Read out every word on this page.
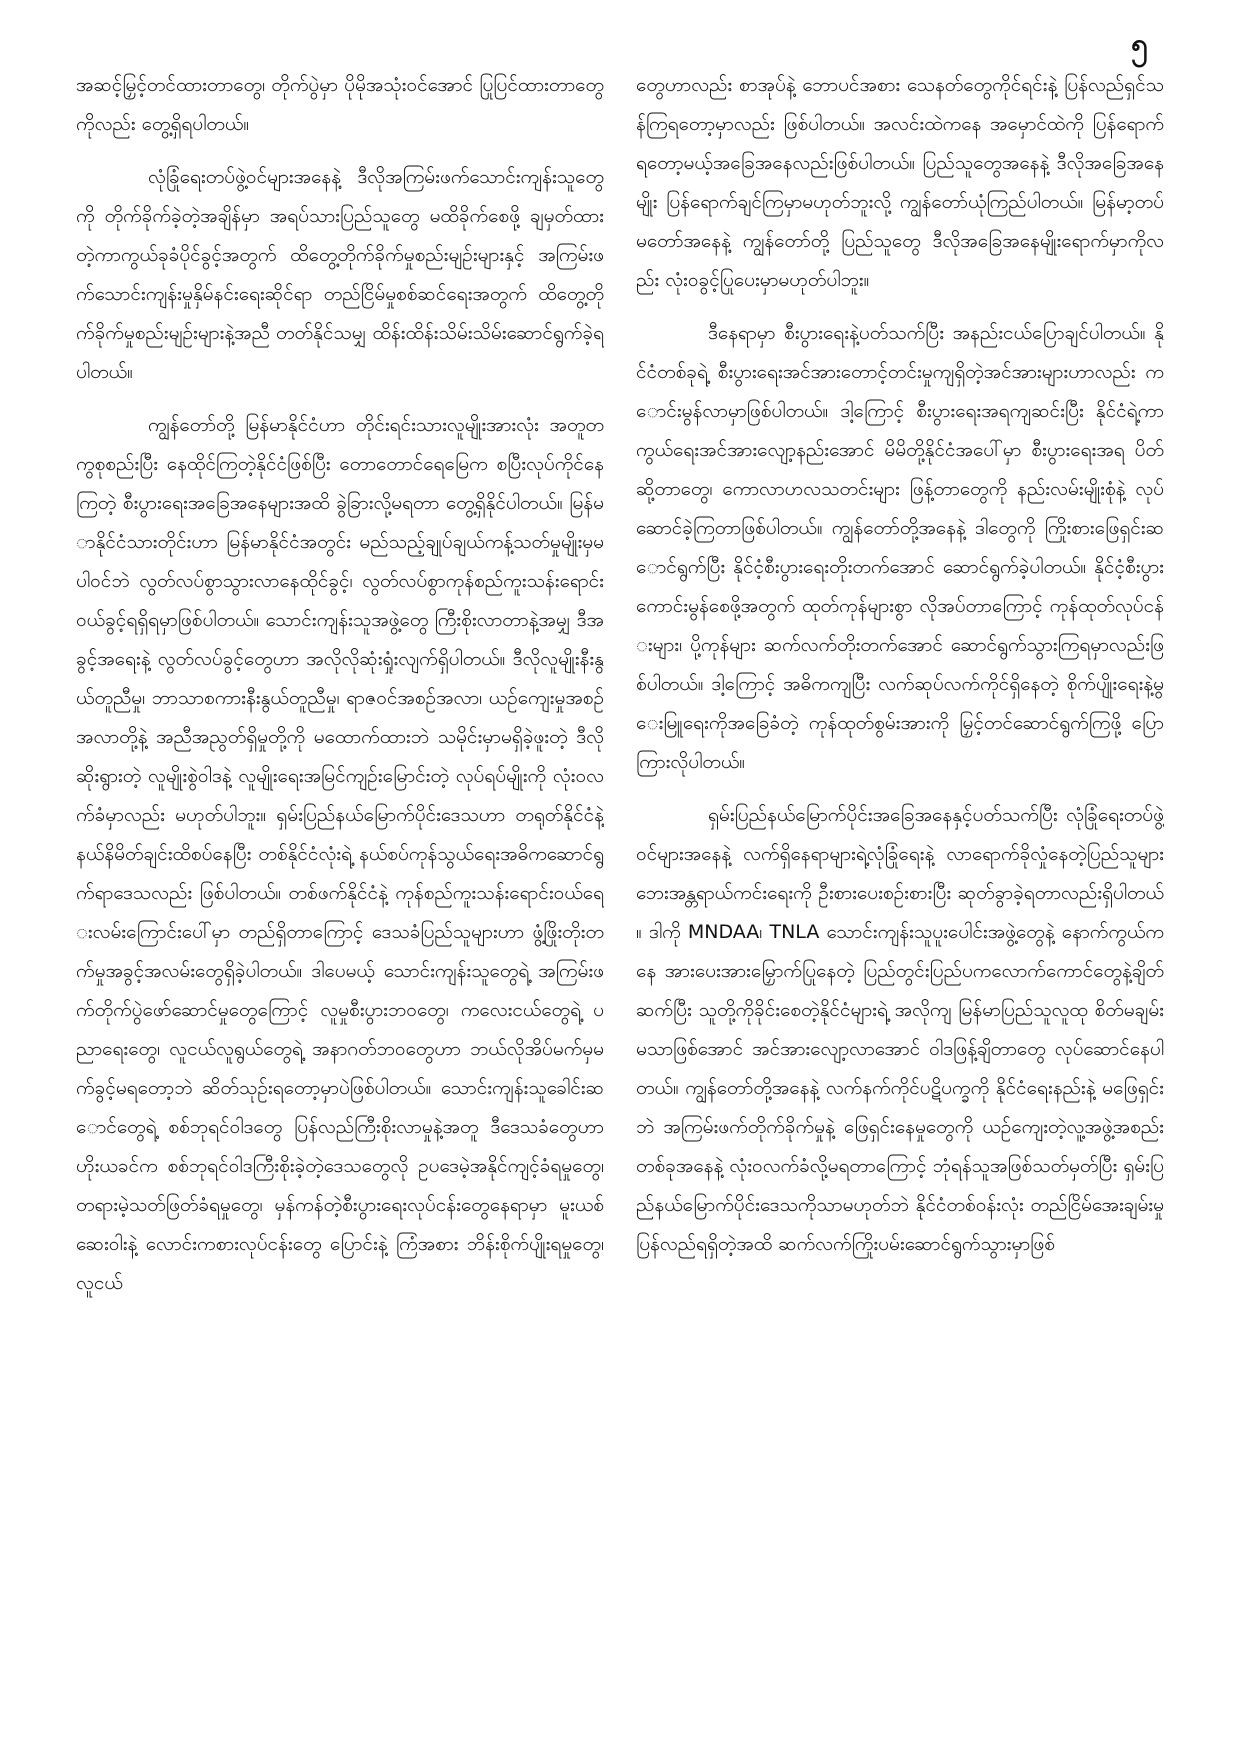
၅

အဆင့်မြှင့်တင်ထားတာတွေ၊ တိုက်ပွဲမှာ ပိုမိုအသုံးဝင်အောင် ပြုပြင်ထားတာတွေကိုလည်း တွေ့ရှိရပါတယ်။

လုံခြုံရေးတပ်ဖွဲ့ဝင်များအနေနဲ့ ဒီလိုအကြမ်းဖက်သောင်းကျန်းသူတွေကို တိုက်ခိုက်ခဲ့တဲ့အချိန်မှာ အရပ်သားပြည်သူတွေ မထိခိုက်စေဖို့ ချမှတ်ထားတဲ့ကာကွယ်ခုခံပိုင်ခွင့်အတွက် ထိတွေ့တိုက်ခိုက်မှုစည်းမျဉ်းများနှင့် အကြမ်းဖက်သောင်းကျန်းမှုနှိမ်နင်းရေးဆိုင်ရာ တည်ငြိမ်မှုစစ်ဆင်ရေးအတွက် ထိတွေ့တိုက်ခိုက်မှုစည်းမျဉ်းများနဲ့အညီ တတ်နိုင်သမျှ ထိန်းထိန်းသိမ်းသိမ်းဆောင်ရွက်ခဲ့ရပါတယ်။

ကျွန်တော်တို့ မြန်မာနိုင်ငံဟာ တိုင်းရင်းသားလူမျိုးအားလုံး အတူတကွစုစည်းပြီး နေထိုင်ကြတဲ့နိုင်ငံဖြစ်ပြီး တောတောင်ရေမြေက စပြီးလုပ်ကိုင်နေကြတဲ့ စီးပွားရေးအခြေအနေများအထိ ခွဲခြားလို့မရတာ တွေ့ရှိနိုင်ပါတယ်။ မြန်မာနိုင်ငံသားတိုင်းဟာ မြန်မာနိုင်ငံအတွင်း မည်သည့်ချုပ်ချယ်ကန့်သတ်မှုမျိုးမှမပါဝင်ဘဲ လွတ်လပ်စွာသွားလာနေထိုင်ခွင့်၊ လွတ်လပ်စွာကုန်စည်ကူးသန်းရောင်းဝယ်ခွင့်ရရှိရမှာဖြစ်ပါတယ်။ သောင်းကျန်းသူအဖွဲ့တွေ ကြီးစိုးလာတာနဲ့အမျှ ဒီအခွင့်အရေးနဲ့ လွတ်လပ်ခွင့်တွေဟာ အလိုလိုဆုံးရှုံးလျက်ရှိပါတယ်။ ဒီလိုလူမျိုးနီးနွယ်တူညီမှု၊ ဘာသာစကားနီးနွယ်တူညီမှု၊ ရာဇဝင်အစဉ်အလာ၊ ယဉ်ကျေးမှုအစဉ်အလာတို့နဲ့ အညီအညွတ်ရှိမှုတို့ကို မထောက်ထားဘဲ သမိုင်းမှာမရှိခဲ့ဖူးတဲ့ ဒီလိုဆိုးရွားတဲ့ လူမျိုးစွဲဝါဒနဲ့ လူမျိုးရေးအမြင်ကျဉ်းမြောင်းတဲ့ လုပ်ရပ်မျိုးကို လုံးဝလက်ခံမှာလည်း မဟုတ်ပါဘူး။ ရှမ်းပြည်နယ်မြောက်ပိုင်းဒေသဟာ တရုတ်နိုင်ငံနဲ့ နယ်နိမိတ်ချင်းထိစပ်နေပြီး တစ်နိုင်ငံလုံးရဲ့ နယ်စပ်ကုန်သွယ်ရေးအဓိကဆောင်ရွက်ရာဒေသလည်း ဖြစ်ပါတယ်။ တစ်ဖက်နိုင်ငံနဲ့ ကုန်စည်ကူးသန်းရောင်းဝယ်ရေးလမ်းကြောင်းပေါ်မှာ တည်ရှိတာကြောင့် ဒေသခံပြည်သူများဟာ ဖွံ့ဖြိုးတိုးတက်မှုအခွင့်အလမ်းတွေရှိခဲ့ပါတယ်။ ဒါပေမယ့် သောင်းကျန်းသူတွေရဲ့ အကြမ်းဖက်တိုက်ပွဲဖော်ဆောင်မှုတွေကြောင့် လူမှုစီးပွားဘဝတွေ၊ ကလေးငယ်တွေရဲ့ ပညာရေးတွေ၊ လူငယ်လူရွယ်တွေရဲ့ အနာဂတ်ဘဝတွေဟာ ဘယ်လိုအိပ်မက်မှမက်ခွင့်မရတော့ဘဲ ဆိတ်သုဉ်းရတော့မှာပဲဖြစ်ပါတယ်။ သောင်းကျန်းသူခေါင်းဆောင်တွေရဲ့ စစ်ဘုရင်ဝါဒတွေ ပြန်လည်ကြီးစိုးလာမှုနဲ့အတူ ဒီဒေသခံတွေဟာ ဟိုးယခင်က စစ်ဘုရင်ဝါဒကြီးစိုးခဲ့တဲ့ဒေသတွေလို ဥပဒေမဲ့အနိုင်ကျင့်ခံရမှုတွေ၊ တရားမဲ့သတ်ဖြတ်ခံရမှုတွေ၊ မှန်ကန်တဲ့စီးပွားရေးလုပ်ငန်းတွေနေရာမှာ မူးယစ်ဆေးဝါးနဲ့ လောင်းကစားလုပ်ငန်းတွေ ပြောင်းနဲ့ ကြံအစား ဘိန်းစိုက်ပျိုးရမှုတွေ၊ လူငယ်

တွေဟာလည်း စာအုပ်နဲ့ ဘောပင်အစား သေနတ်တွေကိုင်ရင်းနဲ့ ပြန်လည်ရှင်သန်ကြရတော့မှာလည်း ဖြစ်ပါတယ်။ အလင်းထဲကနေ အမှောင်ထဲကို ပြန်ရောက်ရတော့မယ့်အခြေအနေလည်းဖြစ်ပါတယ်။ ပြည်သူတွေအနေနဲ့ ဒီလိုအခြေအနေမျိုး ပြန်ရောက်ချင်ကြမှာမဟုတ်ဘူးလို့ ကျွန်တော်ယုံကြည်ပါတယ်။ မြန်မာ့တပ်မတော်အနေနဲ့ ကျွန်တော်တို့ ပြည်သူတွေ ဒီလိုအခြေအနေမျိုးရောက်မှာကိုလည်း လုံးဝခွင့်ပြုပေးမှာမဟုတ်ပါဘူး။

ဒီနေရာမှာ စီးပွားရေးနဲ့ပတ်သက်ပြီး အနည်းငယ်ပြောချင်ပါတယ်။ နိုင်ငံတစ်ခုရဲ့ စီးပွားရေးအင်အားတောင့်တင်းမှုကျရှိတဲ့အင်အားများဟာလည်း ကောင်းမွန်လာမှာဖြစ်ပါတယ်။ ဒါ့ကြောင့် စီးပွားရေးအရကျဆင်းပြီး နိုင်ငံရဲ့ကာကွယ်ရေးအင်အားလျော့နည်းအောင် မိမိတို့နိုင်ငံအပေါ်မှာ စီးပွားရေးအရ ပိတ်ဆို့တာတွေ၊ ကောလာဟလသတင်းများ ဖြန့်တာတွေကို နည်းလမ်းမျိုးစုံနဲ့ လုပ်ဆောင်ခဲ့ကြတာဖြစ်ပါတယ်။ ကျွန်တော်တို့အနေနဲ့ ဒါတွေကို ကြိုးစားဖြေရှင်းဆောင်ရွက်ပြီး နိုင်ငံ့စီးပွားရေးတိုးတက်အောင် ဆောင်ရွက်ခဲ့ပါတယ်။ နိုင်ငံ့စီးပွားကောင်းမွန်စေဖို့အတွက် ထုတ်ကုန်များစွာ လိုအပ်တာကြောင့် ကုန်ထုတ်လုပ်ငန်းများ၊ ပို့ကုန်များ ဆက်လက်တိုးတက်အောင် ဆောင်ရွက်သွားကြရမှာလည်းဖြစ်ပါတယ်။ ဒါ့ကြောင့် အဓိကကျပြီး လက်ဆုပ်လက်ကိုင်ရှိနေတဲ့ စိုက်ပျိုးရေးနဲ့မွေးမြူရေးကိုအခြေခံတဲ့ ကုန်ထုတ်စွမ်းအားကို မြှင့်တင်ဆောင်ရွက်ကြဖို့ ပြောကြားလိုပါတယ်။

ရှမ်းပြည်နယ်မြောက်ပိုင်းအခြေအနေနှင့်ပတ်သက်ပြီး လုံခြုံရေးတပ်ဖွဲ့ဝင်များအနေနဲ့ လက်ရှိနေရာများရဲ့လုံခြုံရေးနဲ့ လာရောက်ခိုလှုံနေတဲ့ပြည်သူများ ဘေးအန္တရာယ်ကင်းရေးကို ဦးစားပေးစဉ်းစားပြီး ဆုတ်ခွာခဲ့ရတာလည်းရှိပါတယ်။ ဒါကို MNDAA၊ TNLA သောင်းကျန်းသူပူးပေါင်းအဖွဲ့တွေနဲ့ နောက်ကွယ်ကနေ အားပေးအားမြှောက်ပြုနေတဲ့ ပြည်တွင်းပြည်ပကလောက်ကောင်တွေနဲ့ချိတ်ဆက်ပြီး သူတို့ကိုခိုင်းစေတဲ့နိုင်ငံများရဲ့ အလိုကျ မြန်မာပြည်သူလူထု စိတ်မချမ်းမသာဖြစ်အောင် အင်အားလျော့လာအောင် ဝါဒဖြန့်ချိတာတွေ လုပ်ဆောင်နေပါတယ်။ ကျွန်တော်တို့အနေနဲ့ လက်နက်ကိုင်ပဋိပက္ခကို နိုင်ငံရေးနည်းနဲ့ မဖြေရှင်းဘဲ အကြမ်းဖက်တိုက်ခိုက်မှုနဲ့ ဖြေရှင်းနေမှုတွေကို ယဉ်ကျေးတဲ့လူ့အဖွဲ့အစည်းတစ်ခုအနေနဲ့ လုံးဝလက်ခံလို့မရတာကြောင့် ဘုံရန်သူအဖြစ်သတ်မှတ်ပြီး ရှမ်းပြည်နယ်မြောက်ပိုင်းဒေသကိုသာမဟုတ်ဘဲ နိုင်ငံတစ်ဝန်းလုံး တည်ငြိမ်အေးချမ်းမှု ပြန်လည်ရရှိတဲ့အထိ ဆက်လက်ကြိုးပမ်းဆောင်ရွက်သွားမှာဖြစ်
